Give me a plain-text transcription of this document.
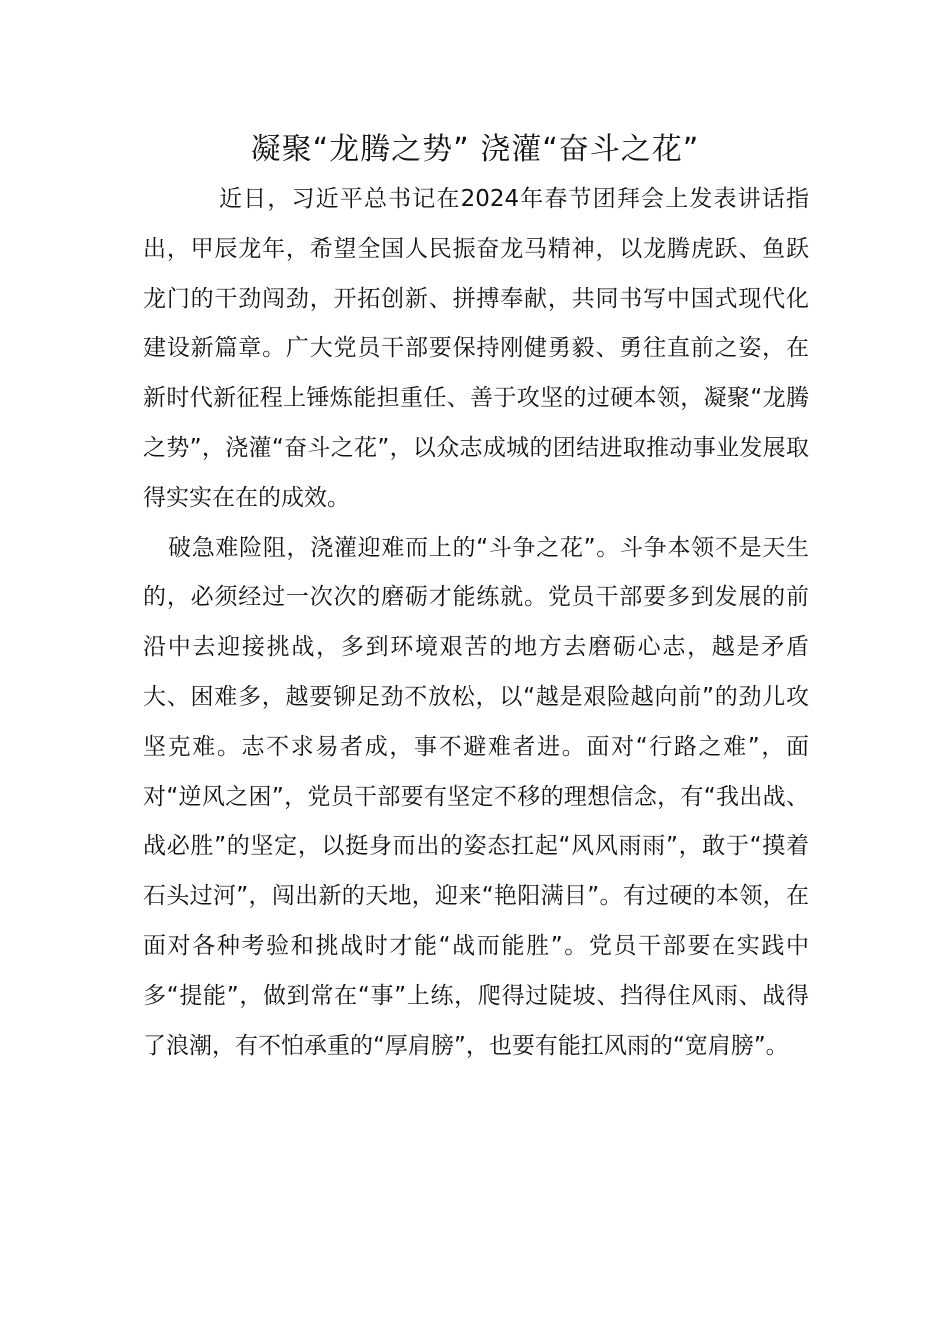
凝聚“龙腾之势” 浇灌“奋斗之花”

近日，习近平总书记在2024年春节团拜会上发表讲话指出，甲辰龙年，希望全国人民振奋龙马精神，以龙腾虎跃、鱼跃龙门的干劲闯劲，开拓创新、拼搏奉献，共同书写中国式现代化建设新篇章。广大党员干部要保持刚健勇毅、勇往直前之姿，在新时代新征程上锤炼能担重任、善于攻坚的过硬本领，凝聚“龙腾之势”，浇灌“奋斗之花”，以众志成城的团结进取推动事业发展取得实实在在的成效。

破急难险阻，浇灌迎难而上的“斗争之花”。斗争本领不是天生的，必须经过一次次的磨砺才能练就。党员干部要多到发展的前沿中去迎接挑战，多到环境艰苦的地方去磨砺心志，越是矛盾大、困难多，越要铆足劲不放松，以“越是艰险越向前”的劲儿攻坚克难。志不求易者成，事不避难者进。面对“行路之难”，面对“逆风之困”，党员干部要有坚定不移的理想信念，有“我出战、战必胜”的坚定，以挺身而出的姿态扛起“风风雨雨”，敢于“摸着石头过河”，闯出新的天地，迎来“艳阳满目”。有过硬的本领，在面对各种考验和挑战时才能“战而能胜”。党员干部要在实践中多“提能”，做到常在“事”上练，爬得过陡坡、挡得住风雨、战得了浪潮，有不怕承重的“厚肩膀”，也要有能扛风雨的“宽肩膀”。
